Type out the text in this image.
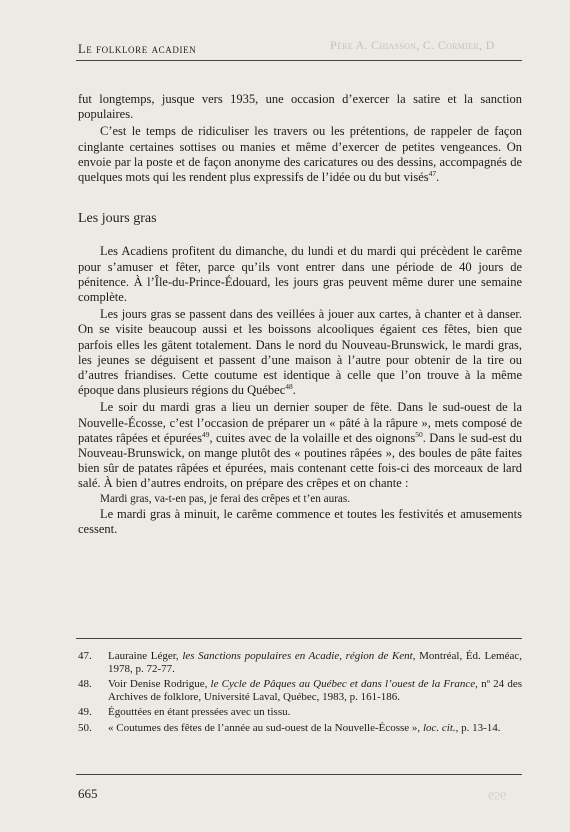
Père A. Chiasson, C. Cormier, D
Le folklore acadien

fut longtemps, jusque vers 1935, une occasion d’exercer la satire et la sanction populaires.

C’est le temps de ridiculiser les travers ou les prétentions, de rappeler de façon cinglante certaines sottises ou manies et même d’exercer de petites vengeances. On envoie par la poste et de façon anonyme des caricatures ou des dessins, accompagnés de quelques mots qui les rendent plus expressifs de l’idée ou du but visés$^{47}$.

Les jours gras

Les Acadiens profitent du dimanche, du lundi et du mardi qui précèdent le carême pour s’amuser et fêter, parce qu’ils vont entrer dans une période de 40 jours de pénitence. À l’Île-du-Prince-Édouard, les jours gras peuvent même durer une semaine complète.

Les jours gras se passent dans des veillées à jouer aux cartes, à chanter et à danser. On se visite beaucoup aussi et les boissons alcooliques égaient ces fêtes, bien que parfois elles les gâtent totalement. Dans le nord du Nouveau-Brunswick, le mardi gras, les jeunes se déguisent et passent d’une maison à l’autre pour obtenir de la tire ou d’autres friandises. Cette coutume est identique à celle que l’on trouve à la même époque dans plusieurs régions du Québec$^{48}$.

Le soir du mardi gras a lieu un dernier souper de fête. Dans le sud-ouest de la Nouvelle-Écosse, c’est l’occasion de préparer un « pâté à la râpure », mets composé de patates râpées et épurées$^{49}$, cuites avec de la volaille et des oignons$^{50}$. Dans le sud-est du Nouveau-Brunswick, on mange plutôt des « poutines râpées », des boules de pâte faites bien sûr de patates râpées et épurées, mais contenant cette fois-ci des morceaux de lard salé. À bien d’autres endroits, on prépare des crêpes et on chante :

Mardi gras, va-t-en pas, je ferai des crêpes et t’en auras.

Le mardi gras à minuit, le carême commence et toutes les festivités et amusements cessent.

47.	Lauraine Léger, les Sanctions populaires en Acadie, région de Kent, Montréal, Éd. Leméac, 1978, p. 72-77.
48.	Voir Denise Rodrigue, le Cycle de Pâques au Québec et dans l’ouest de la France, nº 24 des Archives de folklore, Université Laval, Québec, 1983, p. 161-186.
49.	Égouttées en étant pressées avec un tissu.
50.	« Coutumes des fêtes de l’année au sud-ouest de la Nouvelle-Écosse », loc. cit., p. 13-14.
665	656
